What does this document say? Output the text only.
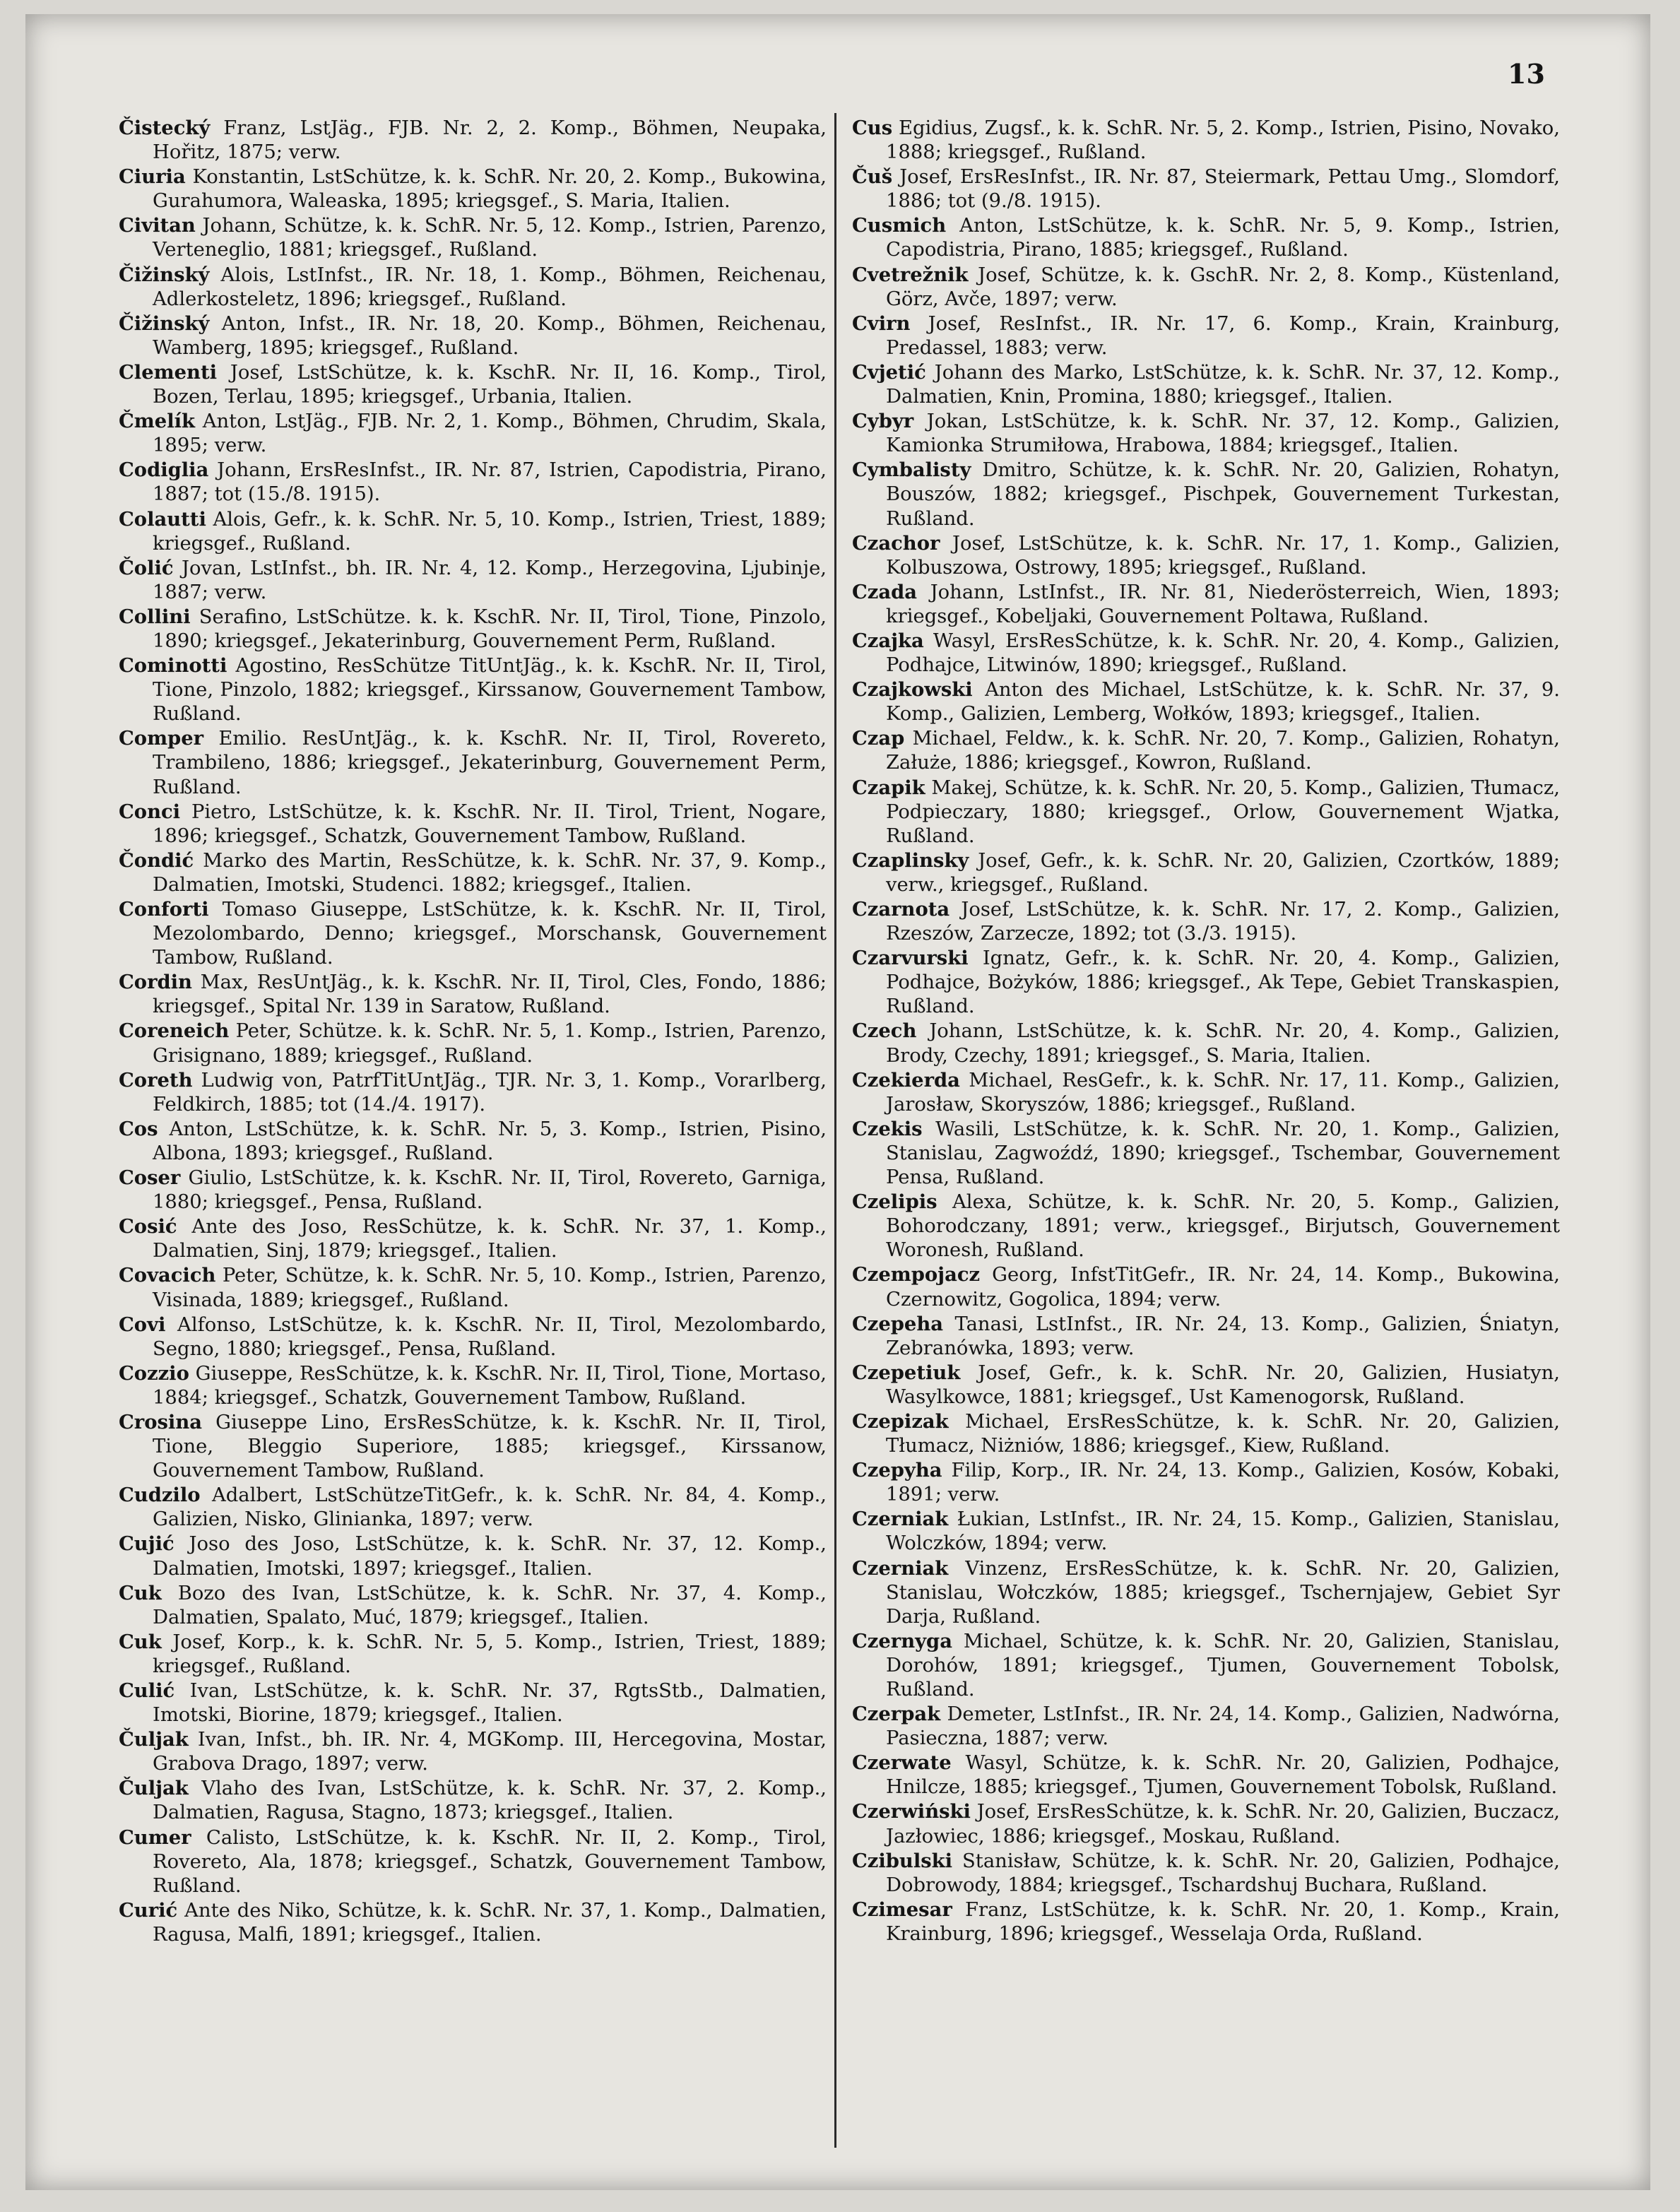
13

Čistecký Franz, LstJäg., FJB. Nr. 2, 2. Komp., Böhmen, Neupaka, Hořitz, 1875; verw.

Ciuria Konstantin, LstSchütze, k. k. SchR. Nr. 20, 2. Komp., Bukowina, Gurahumora, Waleaska, 1895; kriegsgef., S. Maria, Italien.

Civitan Johann, Schütze, k. k. SchR. Nr. 5, 12. Komp., Istrien, Parenzo, Verteneglio, 1881; kriegsgef., Rußland.

Čižinský Alois, LstInfst., IR. Nr. 18, 1. Komp., Böhmen, Reichenau, Adlerkosteletz, 1896; kriegsgef., Rußland.

Čižinský Anton, Infst., IR. Nr. 18, 20. Komp., Böhmen, Reichenau, Wamberg, 1895; kriegsgef., Rußland.

Clementi Josef, LstSchütze, k. k. KschR. Nr. II, 16. Komp., Tirol, Bozen, Terlau, 1895; kriegsgef., Urbania, Italien.

Čmelík Anton, LstJäg., FJB. Nr. 2, 1. Komp., Böhmen, Chrudim, Skala, 1895; verw.

Codiglia Johann, ErsResInfst., IR. Nr. 87, Istrien, Capodistria, Pirano, 1887; tot (15./8. 1915).

Colautti Alois, Gefr., k. k. SchR. Nr. 5, 10. Komp., Istrien, Triest, 1889; kriegsgef., Rußland.

Čolić Jovan, LstInfst., bh. IR. Nr. 4, 12. Komp., Herzegovina, Ljubinje, 1887; verw.

Collini Serafino, LstSchütze. k. k. KschR. Nr. II, Tirol, Tione, Pinzolo, 1890; kriegsgef., Jekaterinburg, Gouvernement Perm, Rußland.

Cominotti Agostino, ResSchütze TitUntJäg., k. k. KschR. Nr. II, Tirol, Tione, Pinzolo, 1882; kriegsgef., Kirssanow, Gouvernement Tambow, Rußland.

Comper Emilio. ResUntJäg., k. k. KschR. Nr. II, Tirol, Rovereto, Trambileno, 1886; kriegsgef., Jekaterinburg, Gouvernement Perm, Rußland.

Conci Pietro, LstSchütze, k. k. KschR. Nr. II. Tirol, Trient, Nogare, 1896; kriegsgef., Schatzk, Gouvernement Tambow, Rußland.

Čondić Marko des Martin, ResSchütze, k. k. SchR. Nr. 37, 9. Komp., Dalmatien, Imotski, Studenci. 1882; kriegsgef., Italien.

Conforti Tomaso Giuseppe, LstSchütze, k. k. KschR. Nr. II, Tirol, Mezolombardo, Denno; kriegsgef., Morschansk, Gouvernement Tambow, Rußland.

Cordin Max, ResUntJäg., k. k. KschR. Nr. II, Tirol, Cles, Fondo, 1886; kriegsgef., Spital Nr. 139 in Saratow, Rußland.

Coreneich Peter, Schütze. k. k. SchR. Nr. 5, 1. Komp., Istrien, Parenzo, Grisignano, 1889; kriegsgef., Rußland.

Coreth Ludwig von, PatrfTitUntJäg., TJR. Nr. 3, 1. Komp., Vorarlberg, Feldkirch, 1885; tot (14./4. 1917).

Cos Anton, LstSchütze, k. k. SchR. Nr. 5, 3. Komp., Istrien, Pisino, Albona, 1893; kriegsgef., Rußland.

Coser Giulio, LstSchütze, k. k. KschR. Nr. II, Tirol, Rovereto, Garniga, 1880; kriegsgef., Pensa, Rußland.

Cosić Ante des Joso, ResSchütze, k. k. SchR. Nr. 37, 1. Komp., Dalmatien, Sinj, 1879; kriegsgef., Italien.

Covacich Peter, Schütze, k. k. SchR. Nr. 5, 10. Komp., Istrien, Parenzo, Visinada, 1889; kriegsgef., Rußland.

Covi Alfonso, LstSchütze, k. k. KschR. Nr. II, Tirol, Mezolombardo, Segno, 1880; kriegsgef., Pensa, Rußland.

Cozzio Giuseppe, ResSchütze, k. k. KschR. Nr. II, Tirol, Tione, Mortaso, 1884; kriegsgef., Schatzk, Gouvernement Tambow, Rußland.

Crosina Giuseppe Lino, ErsResSchütze, k. k. KschR. Nr. II, Tirol, Tione, Bleggio Superiore, 1885; kriegsgef., Kirssanow, Gouvernement Tambow, Rußland.

Cudzilo Adalbert, LstSchützeTitGefr., k. k. SchR. Nr. 84, 4. Komp., Galizien, Nisko, Glinianka, 1897; verw.

Cujić Joso des Joso, LstSchütze, k. k. SchR. Nr. 37, 12. Komp., Dalmatien, Imotski, 1897; kriegsgef., Italien.

Cuk Bozo des Ivan, LstSchütze, k. k. SchR. Nr. 37, 4. Komp., Dalmatien, Spalato, Muć, 1879; kriegsgef., Italien.

Cuk Josef, Korp., k. k. SchR. Nr. 5, 5. Komp., Istrien, Triest, 1889; kriegsgef., Rußland.

Culić Ivan, LstSchütze, k. k. SchR. Nr. 37, RgtsStb., Dalmatien, Imotski, Biorine, 1879; kriegsgef., Italien.

Čuljak Ivan, Infst., bh. IR. Nr. 4, MGKomp. III, Hercegovina, Mostar, Grabova Drago, 1897; verw.

Čuljak Vlaho des Ivan, LstSchütze, k. k. SchR. Nr. 37, 2. Komp., Dalmatien, Ragusa, Stagno, 1873; kriegsgef., Italien.

Cumer Calisto, LstSchütze, k. k. KschR. Nr. II, 2. Komp., Tirol, Rovereto, Ala, 1878; kriegsgef., Schatzk, Gouvernement Tambow, Rußland.

Curić Ante des Niko, Schütze, k. k. SchR. Nr. 37, 1. Komp., Dalmatien, Ragusa, Malfi, 1891; kriegsgef., Italien.

Cus Egidius, Zugsf., k. k. SchR. Nr. 5, 2. Komp., Istrien, Pisino, Novako, 1888; kriegsgef., Rußland.

Čuš Josef, ErsResInfst., IR. Nr. 87, Steiermark, Pettau Umg., Slomdorf, 1886; tot (9./8. 1915).

Cusmich Anton, LstSchütze, k. k. SchR. Nr. 5, 9. Komp., Istrien, Capodistria, Pirano, 1885; kriegsgef., Rußland.

Cvetrežnik Josef, Schütze, k. k. GschR. Nr. 2, 8. Komp., Küstenland, Görz, Avče, 1897; verw.

Cvirn Josef, ResInfst., IR. Nr. 17, 6. Komp., Krain, Krainburg, Predassel, 1883; verw.

Cvjetić Johann des Marko, LstSchütze, k. k. SchR. Nr. 37, 12. Komp., Dalmatien, Knin, Promina, 1880; kriegsgef., Italien.

Cybyr Jokan, LstSchütze, k. k. SchR. Nr. 37, 12. Komp., Galizien, Kamionka Strumiłowa, Hrabowa, 1884; kriegsgef., Italien.

Cymbalisty Dmitro, Schütze, k. k. SchR. Nr. 20, Galizien, Rohatyn, Bouszów, 1882; kriegsgef., Pischpek, Gouvernement Turkestan, Rußland.

Czachor Josef, LstSchütze, k. k. SchR. Nr. 17, 1. Komp., Galizien, Kolbuszowa, Ostrowy, 1895; kriegsgef., Rußland.

Czada Johann, LstInfst., IR. Nr. 81, Niederösterreich, Wien, 1893; kriegsgef., Kobeljaki, Gouvernement Poltawa, Rußland.

Czajka Wasyl, ErsResSchütze, k. k. SchR. Nr. 20, 4. Komp., Galizien, Podhajce, Litwinów, 1890; kriegsgef., Rußland.

Czajkowski Anton des Michael, LstSchütze, k. k. SchR. Nr. 37, 9. Komp., Galizien, Lemberg, Wołków, 1893; kriegsgef., Italien.

Czap Michael, Feldw., k. k. SchR. Nr. 20, 7. Komp., Galizien, Rohatyn, Załuże, 1886; kriegsgef., Kowron, Rußland.

Czapik Makej, Schütze, k. k. SchR. Nr. 20, 5. Komp., Galizien, Tłumacz, Podpieczary, 1880; kriegsgef., Orlow, Gouvernement Wjatka, Rußland.

Czaplinsky Josef, Gefr., k. k. SchR. Nr. 20, Galizien, Czortków, 1889; verw., kriegsgef., Rußland.

Czarnota Josef, LstSchütze, k. k. SchR. Nr. 17, 2. Komp., Galizien, Rzeszów, Zarzecze, 1892; tot (3./3. 1915).

Czarvurski Ignatz, Gefr., k. k. SchR. Nr. 20, 4. Komp., Galizien, Podhajce, Bożyków, 1886; kriegsgef., Ak Tepe, Gebiet Transkaspien, Rußland.

Czech Johann, LstSchütze, k. k. SchR. Nr. 20, 4. Komp., Galizien, Brody, Czechy, 1891; kriegsgef., S. Maria, Italien.

Czekierda Michael, ResGefr., k. k. SchR. Nr. 17, 11. Komp., Galizien, Jarosław, Skoryszów, 1886; kriegsgef., Rußland.

Czekis Wasili, LstSchütze, k. k. SchR. Nr. 20, 1. Komp., Galizien, Stanislau, Zagwoźdź, 1890; kriegsgef., Tschembar, Gouvernement Pensa, Rußland.

Czelipis Alexa, Schütze, k. k. SchR. Nr. 20, 5. Komp., Galizien, Bohorodczany, 1891; verw., kriegsgef., Birjutsch, Gouvernement Woronesh, Rußland.

Czempojacz Georg, InfstTitGefr., IR. Nr. 24, 14. Komp., Bukowina, Czernowitz, Gogolica, 1894; verw.

Czepeha Tanasi, LstInfst., IR. Nr. 24, 13. Komp., Galizien, Śniatyn, Zebranówka, 1893; verw.

Czepetiuk Josef, Gefr., k. k. SchR. Nr. 20, Galizien, Husiatyn, Wasylkowce, 1881; kriegsgef., Ust Kamenogorsk, Rußland.

Czepizak Michael, ErsResSchütze, k. k. SchR. Nr. 20, Galizien, Tłumacz, Niżniów, 1886; kriegsgef., Kiew, Rußland.

Czepyha Filip, Korp., IR. Nr. 24, 13. Komp., Galizien, Kosów, Kobaki, 1891; verw.

Czerniak Łukian, LstInfst., IR. Nr. 24, 15. Komp., Galizien, Stanislau, Wolczków, 1894; verw.

Czerniak Vinzenz, ErsResSchütze, k. k. SchR. Nr. 20, Galizien, Stanislau, Wołczków, 1885; kriegsgef., Tschernjajew, Gebiet Syr Darja, Rußland.

Czernyga Michael, Schütze, k. k. SchR. Nr. 20, Galizien, Stanislau, Dorohów, 1891; kriegsgef., Tjumen, Gouvernement Tobolsk, Rußland.

Czerpak Demeter, LstInfst., IR. Nr. 24, 14. Komp., Galizien, Nadwórna, Pasieczna, 1887; verw.

Czerwate Wasyl, Schütze, k. k. SchR. Nr. 20, Galizien, Podhajce, Hnilcze, 1885; kriegsgef., Tjumen, Gouvernement Tobolsk, Rußland.

Czerwiński Josef, ErsResSchütze, k. k. SchR. Nr. 20, Galizien, Buczacz, Jazłowiec, 1886; kriegsgef., Moskau, Rußland.

Czibulski Stanisław, Schütze, k. k. SchR. Nr. 20, Galizien, Podhajce, Dobrowody, 1884; kriegsgef., Tschardshuj Buchara, Rußland.

Czimesar Franz, LstSchütze, k. k. SchR. Nr. 20, 1. Komp., Krain, Krainburg, 1896; kriegsgef., Wesselaja Orda, Rußland.
